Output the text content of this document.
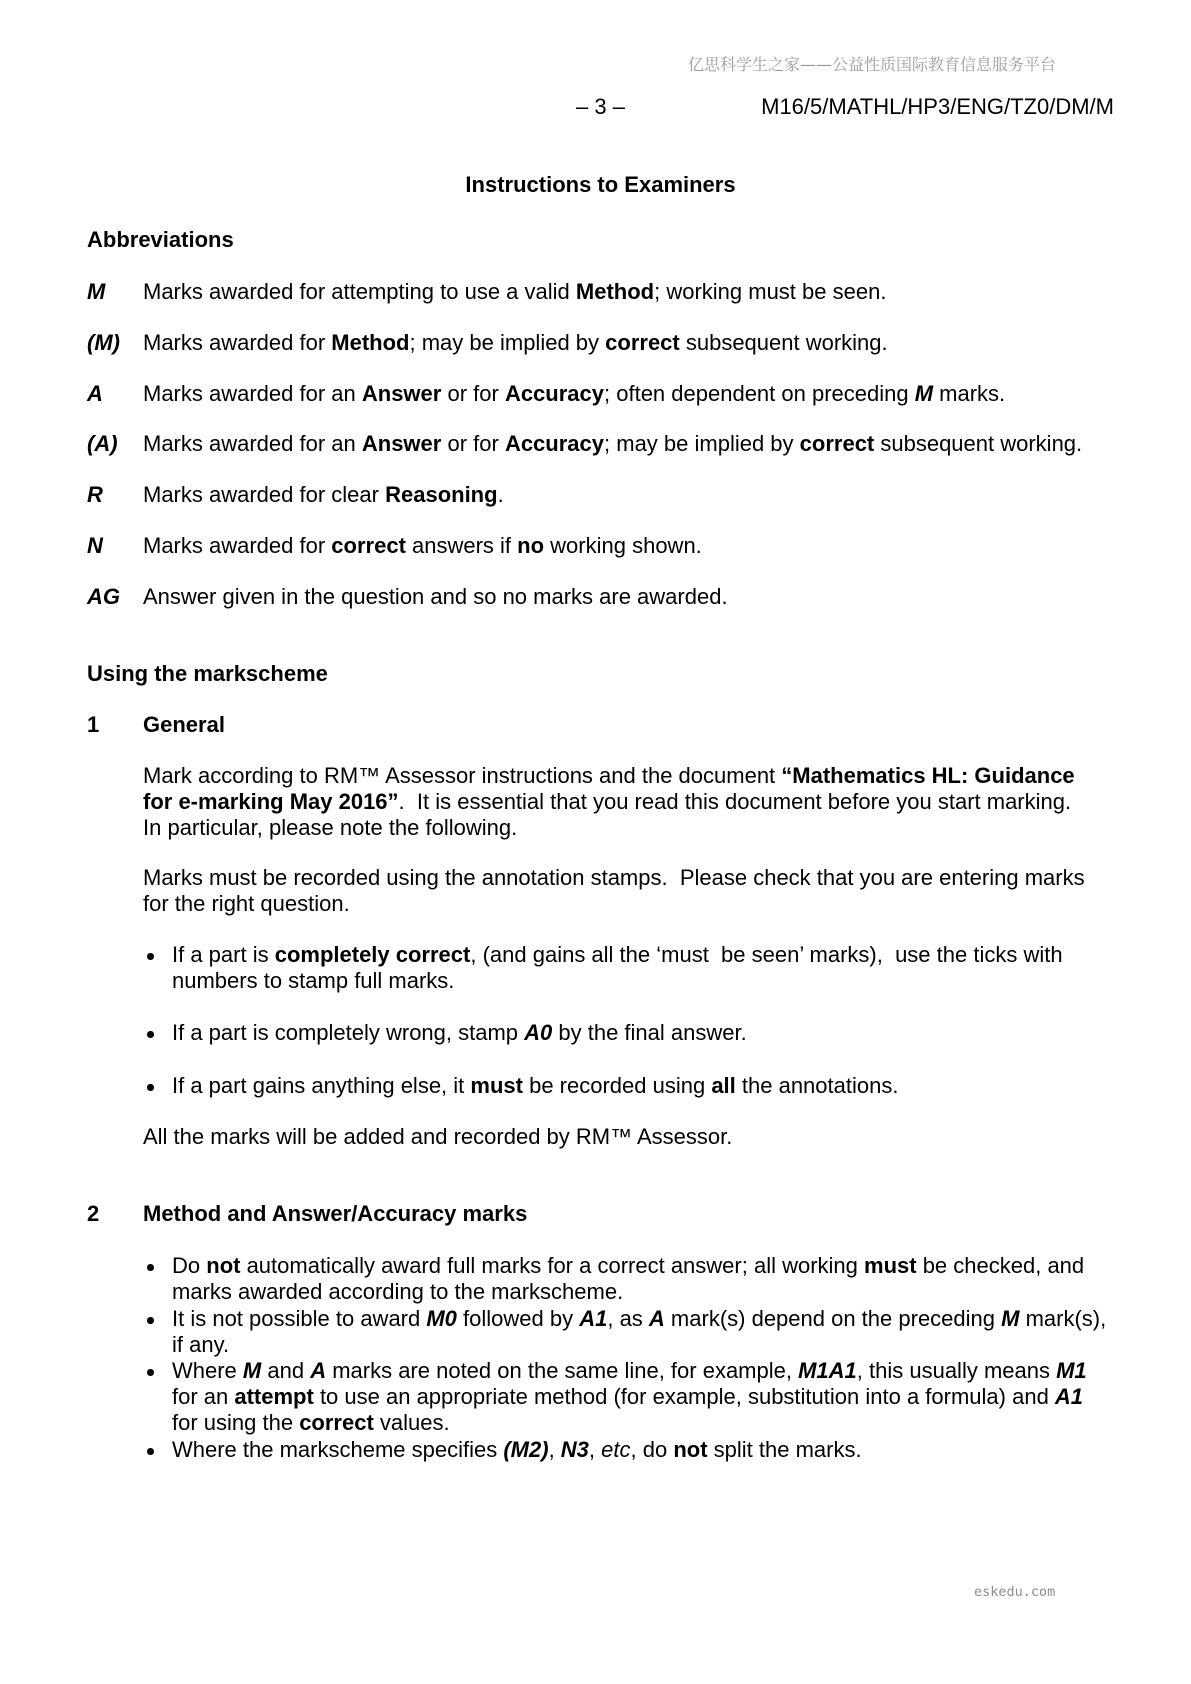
亿思科学生之家——公益性质国际教育信息服务平台
– 3 –	M16/5/MATHL/HP3/ENG/TZ0/DM/M
Instructions to Examiners
Abbreviations
M Marks awarded for attempting to use a valid Method; working must be seen.
(M) Marks awarded for Method; may be implied by correct subsequent working.
A Marks awarded for an Answer or for Accuracy; often dependent on preceding M marks.
(A) Marks awarded for an Answer or for Accuracy; may be implied by correct subsequent working.
R Marks awarded for clear Reasoning.
N Marks awarded for correct answers if no working shown.
AG Answer given in the question and so no marks are awarded.
Using the markscheme
1 General
Mark according to RM™ Assessor instructions and the document “Mathematics HL: Guidance
for e-marking May 2016”.  It is essential that you read this document before you start marking.
In particular, please note the following.
Marks must be recorded using the annotation stamps.  Please check that you are entering marks
for the right question.
If a part is completely correct, (and gains all the ‘must  be seen’ marks),  use the ticks with
numbers to stamp full marks.
If a part is completely wrong, stamp A0 by the final answer.
If a part gains anything else, it must be recorded using all the annotations.
All the marks will be added and recorded by RM™ Assessor.
2 Method and Answer/Accuracy marks
Do not automatically award full marks for a correct answer; all working must be checked, and
marks awarded according to the markscheme.
It is not possible to award M0 followed by A1, as A mark(s) depend on the preceding M mark(s),
if any.
Where M and A marks are noted on the same line, for example, M1A1, this usually means M1
for an attempt to use an appropriate method (for example, substitution into a formula) and A1
for using the correct values.
Where the markscheme specifies (M2), N3, etc, do not split the marks.
eskedu.com
